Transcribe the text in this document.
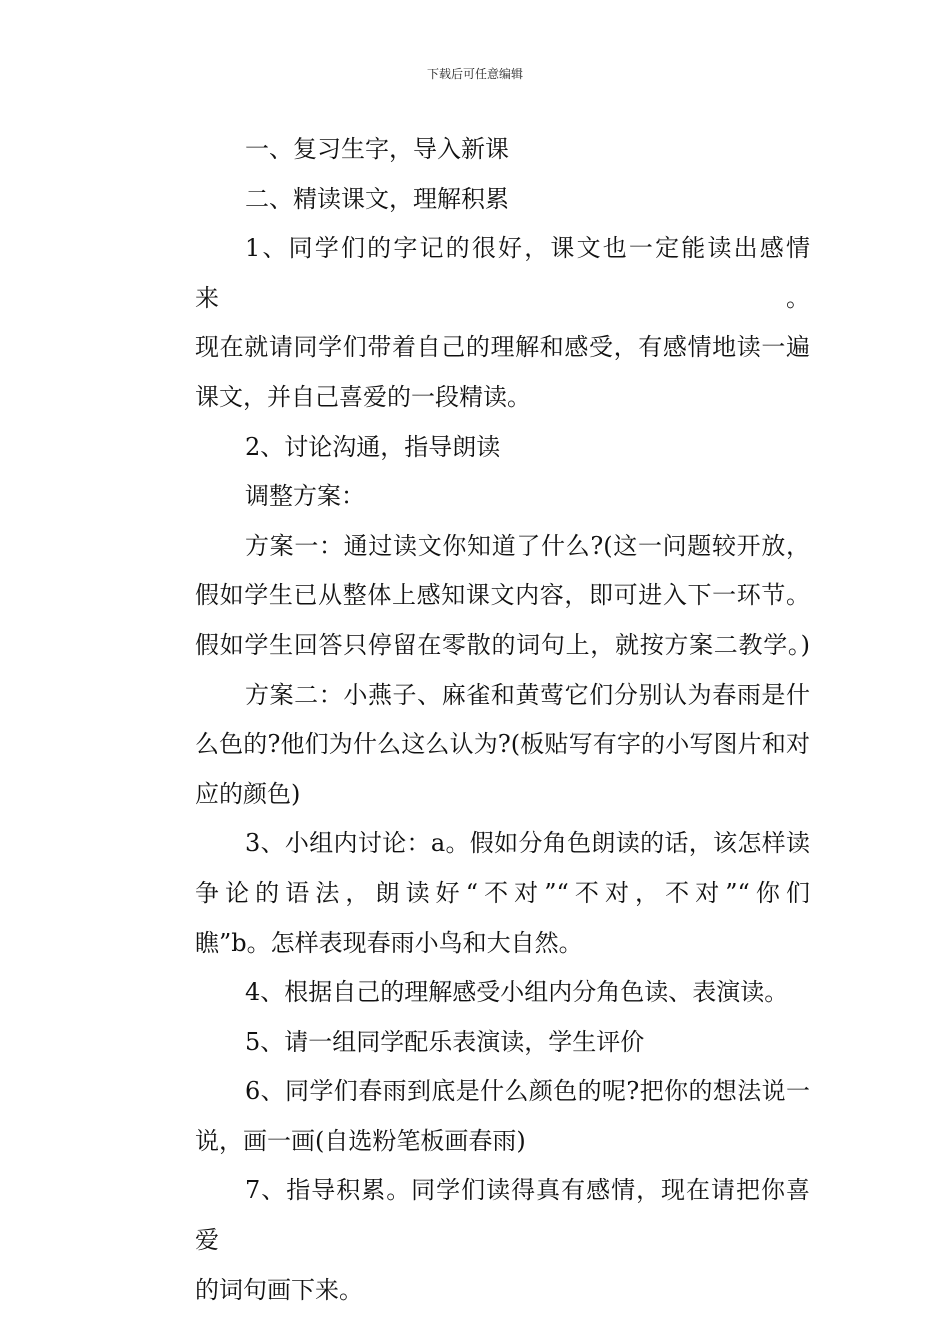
下载后可任意编辑
一、复习生字，导入新课
二、精读课文，理解积累
1、同学们的字记的很好，课文也一定能读出感情来。
现在就请同学们带着自己的理解和感受，有感情地读一遍
课文，并自己喜爱的一段精读。
2、讨论沟通，指导朗读
调整方案：
方案一：通过读文你知道了什么?(这一问题较开放，
假如学生已从整体上感知课文内容，即可进入下一环节。
假如学生回答只停留在零散的词句上，就按方案二教学。)
方案二：小燕子、麻雀和黄莺它们分别认为春雨是什
么色的?他们为什么这么认为?(板贴写有字的小写图片和对
应的颜色)
3、小组内讨论：a。假如分角色朗读的话，该怎样读
争论的语法，朗读好“不对”“不对，不对”“你们
瞧”b。怎样表现春雨小鸟和大自然。
4、根据自己的理解感受小组内分角色读、表演读。
5、请一组同学配乐表演读，学生评价
6、同学们春雨到底是什么颜色的呢?把你的想法说一
说，画一画(自选粉笔板画春雨)
7、指导积累。同学们读得真有感情，现在请把你喜爱
的词句画下来。
